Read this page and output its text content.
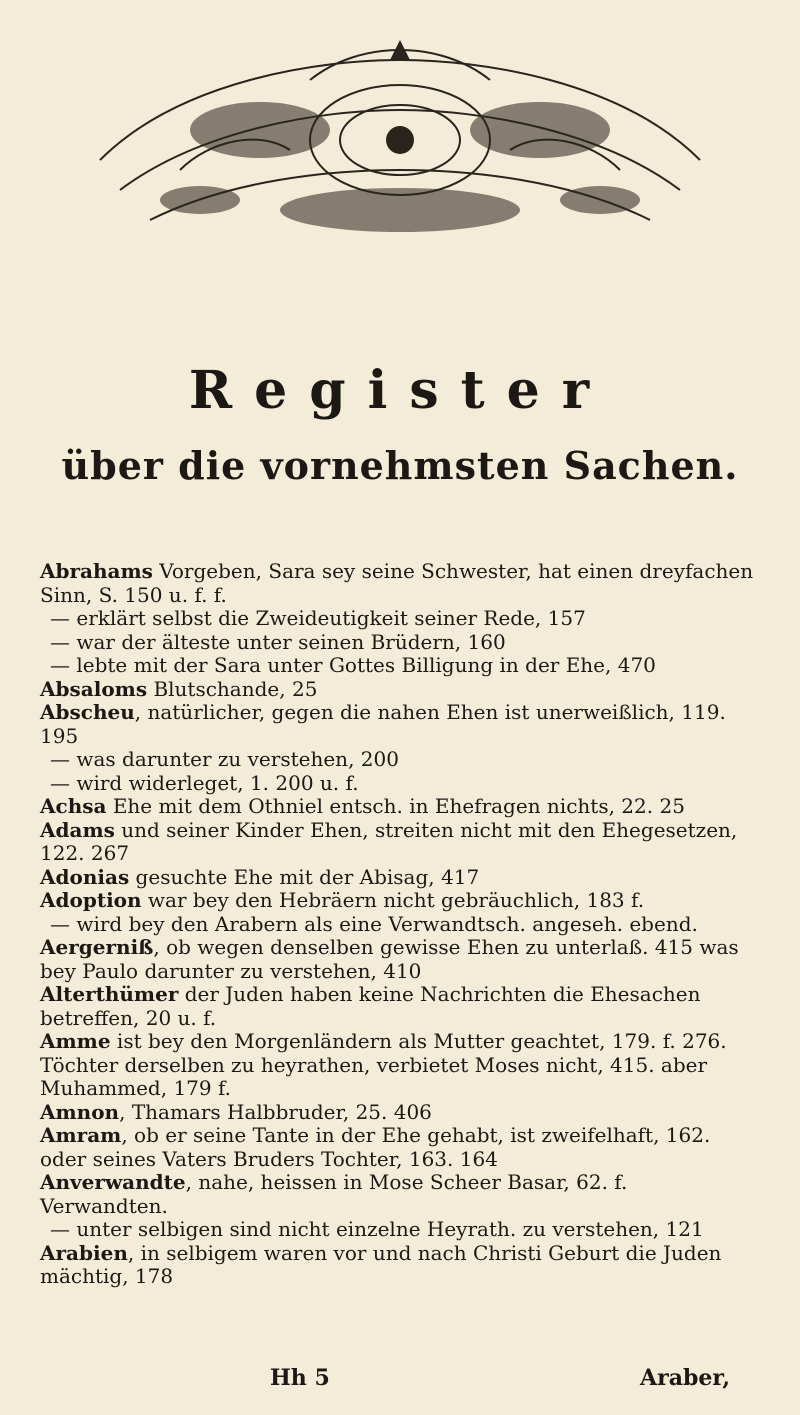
Register
über die vornehmsten Sachen.
Abrahams Vorgeben, Sara sey seine Schwester, hat einen dreyfachen Sinn, S. 150 u. f. f.
— erklärt selbst die Zweideutigkeit seiner Rede, 157
— war der älteste unter seinen Brüdern, 160
— lebte mit der Sara unter Gottes Billigung in der Ehe, 470
Absaloms Blutschande, 25
Abscheu, natürlicher, gegen die nahen Ehen ist unerweißlich, 119. 195
— was darunter zu verstehen, 200
— wird widerleget, 1. 200 u. f.
Achsa Ehe mit dem Othniel entsch. in Ehefragen nichts, 22. 25
Adams und seiner Kinder Ehen, streiten nicht mit den Ehegesetzen, 122. 267
Adonias gesuchte Ehe mit der Abisag, 417
Adoption war bey den Hebräern nicht gebräuchlich, 183 f.
— wird bey den Arabern als eine Verwandtsch. angeseh. ebend.
Aergerniß, ob wegen denselben gewisse Ehen zu unterlaß. 415 was bey Paulo darunter zu verstehen, 410
Alterthümer der Juden haben keine Nachrichten die Ehesachen betreffen, 20 u. f.
Amme ist bey den Morgenländern als Mutter geachtet, 179. f. 276. Töchter derselben zu heyrathen, verbietet Moses nicht, 415. aber Muhammed, 179 f.
Amnon, Thamars Halbbruder, 25. 406
Amram, ob er seine Tante in der Ehe gehabt, ist zweifelhaft, 162. oder seines Vaters Bruders Tochter, 163. 164
Anverwandte, nahe, heissen in Mose Scheer Basar, 62. f. Verwandten.
— unter selbigen sind nicht einzelne Heyrath. zu verstehen, 121
Arabien, in selbigem waren vor und nach Christi Geburt die Juden mächtig, 178
Hh 5	Araber,
